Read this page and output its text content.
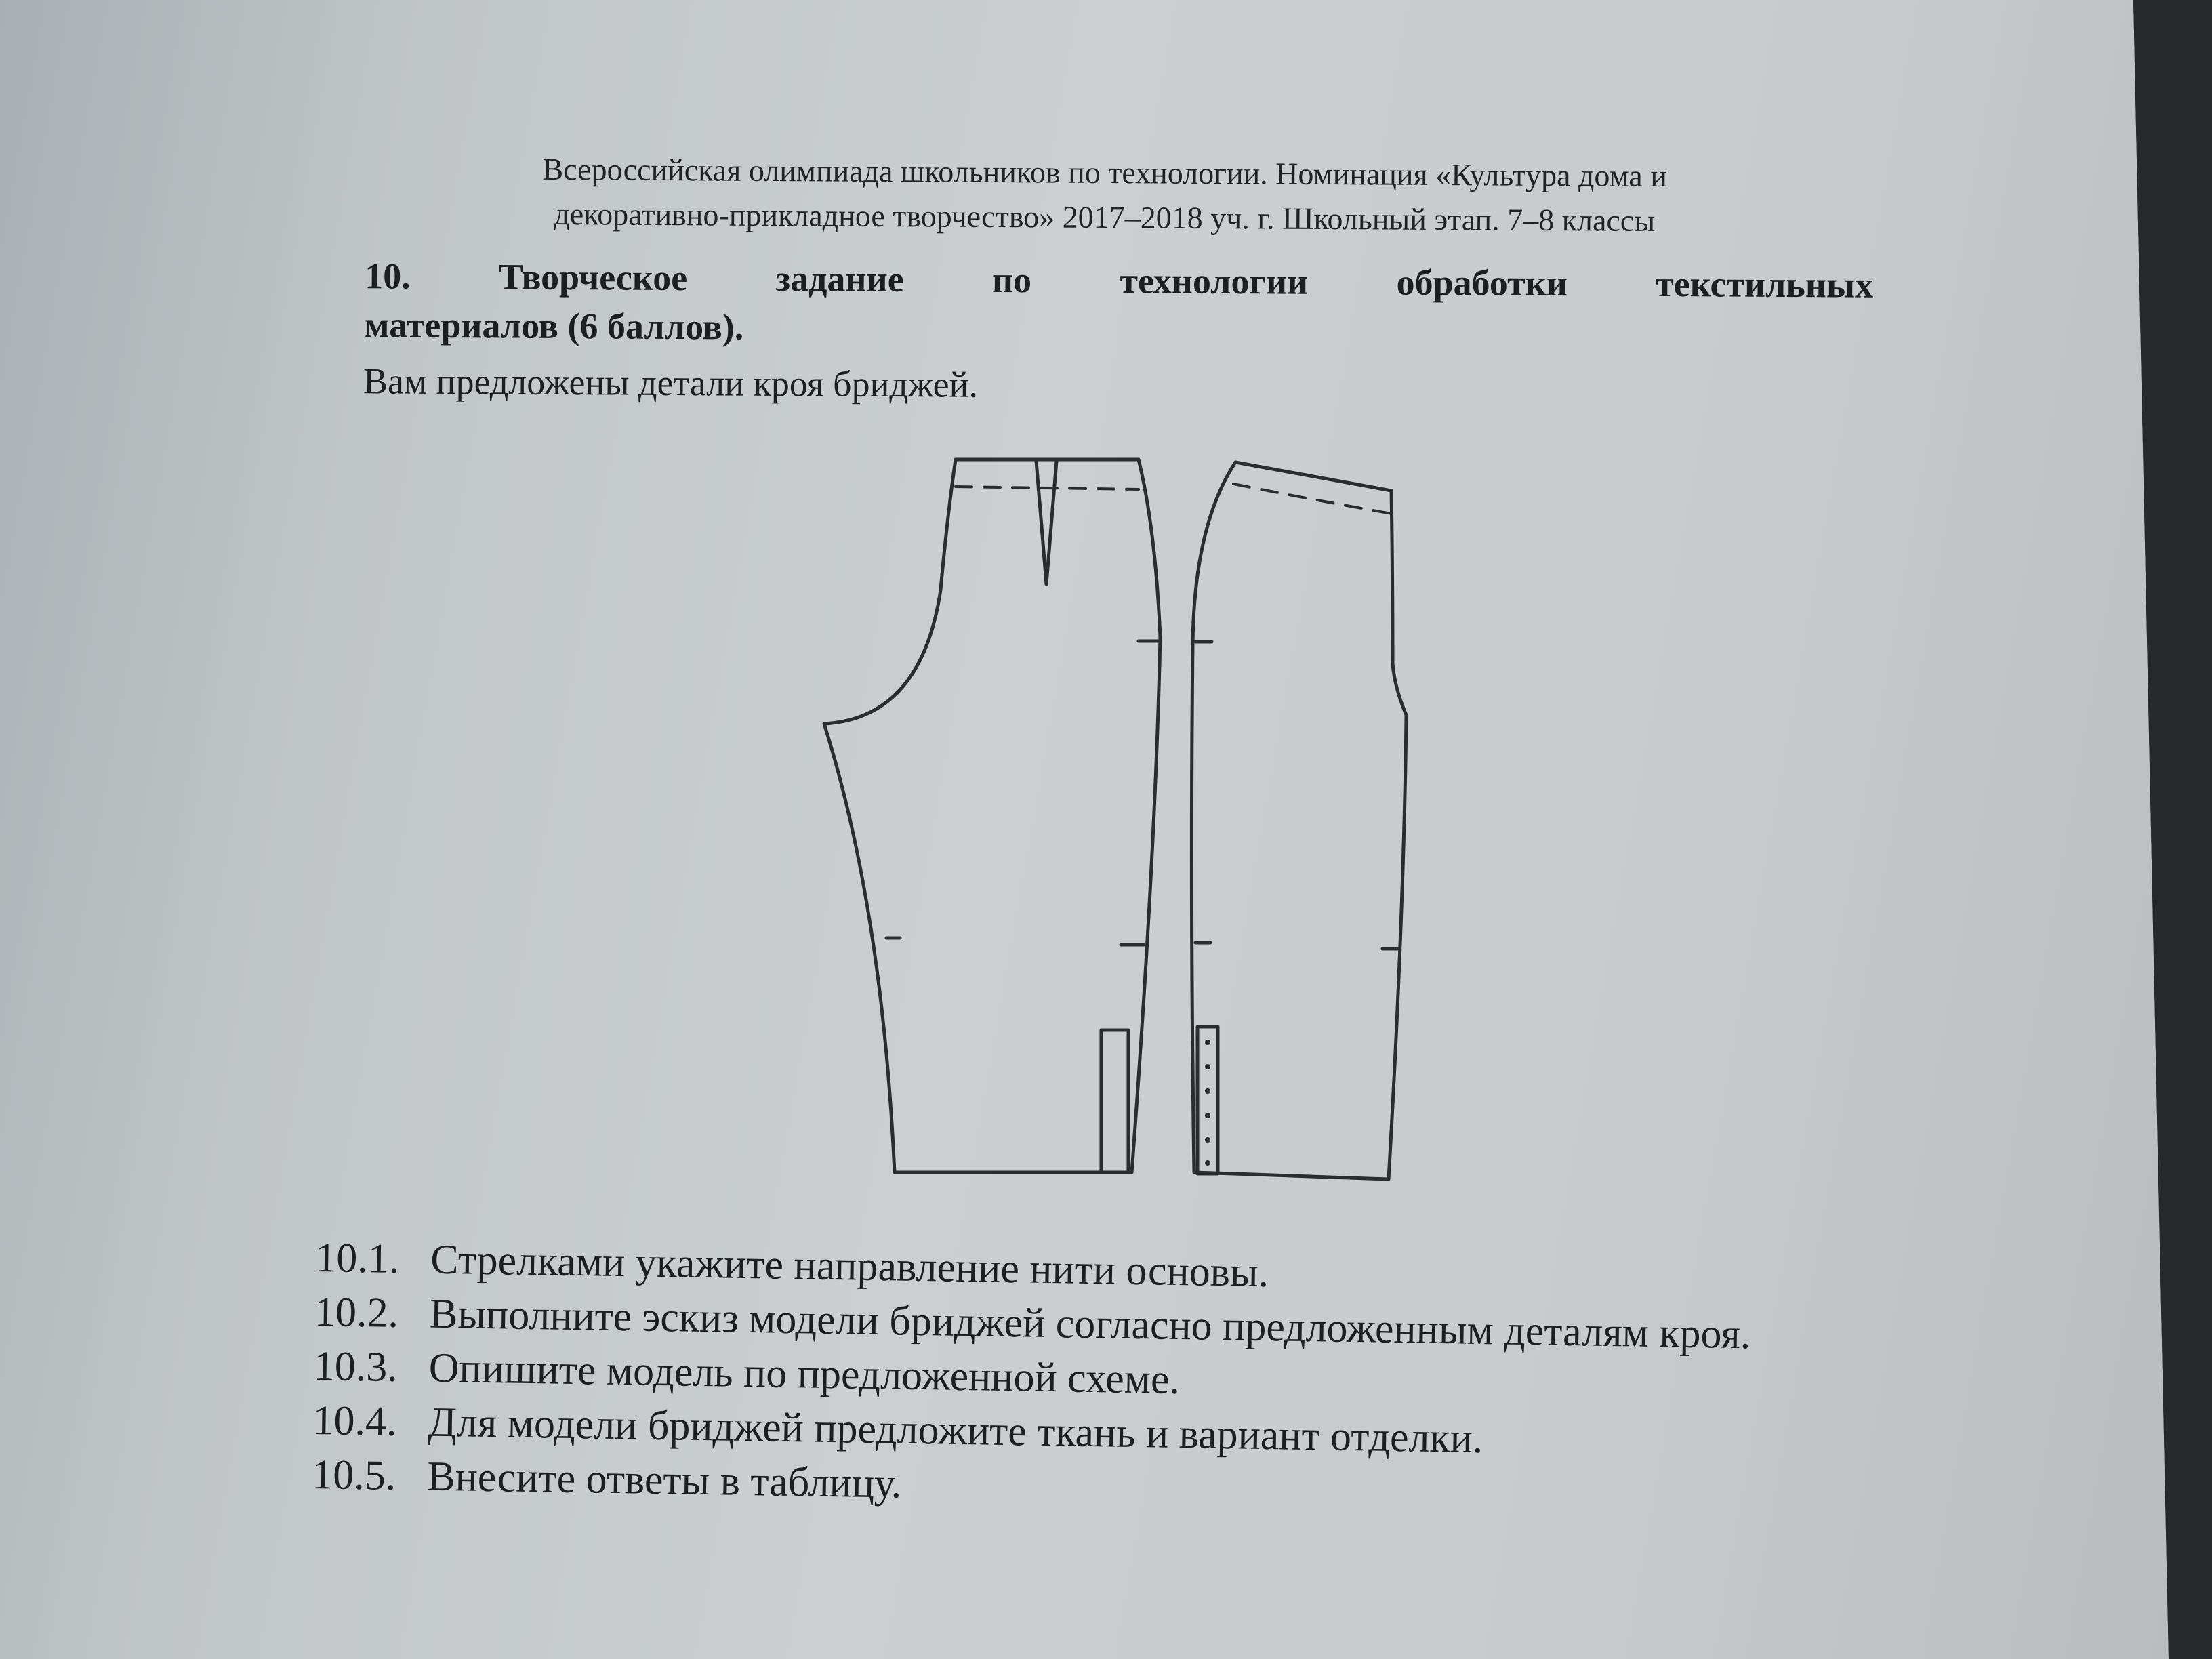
Всероссийская олимпиада школьников по технологии. Номинация «Культура дома и
декоративно-прикладное творчество» 2017–2018 уч. г. Школьный этап. 7–8 классы
10. Творческое задание по технологии обработки текстильных
материалов (6 баллов).
Вам предложены детали кроя бриджей.
10.1. Стрелками укажите направление нити основы.
10.2. Выполните эскиз модели бриджей согласно предложенным деталям кроя.
10.3. Опишите модель по предложенной схеме.
10.4. Для модели бриджей предложите ткань и вариант отделки.
10.5. Внесите ответы в таблицу.
